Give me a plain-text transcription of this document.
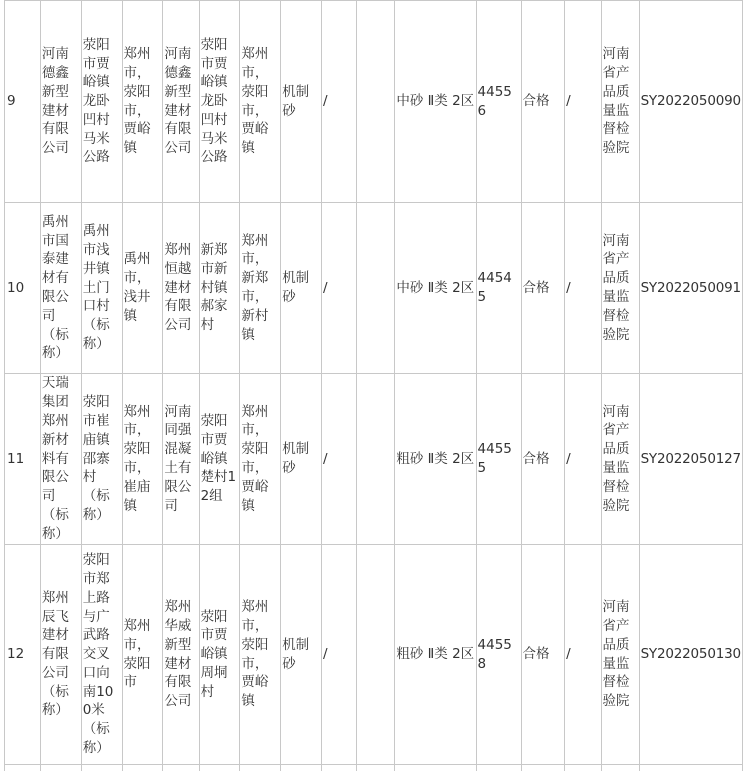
9	河南德鑫新型建材有限公司	荥阳市贾峪镇龙卧凹村马米公路	郑州市，荥阳市，贾峪镇	河南德鑫新型建材有限公司	荥阳市贾峪镇龙卧凹村马米公路	郑州市，荥阳市，贾峪镇	机制砂	/		中砂 Ⅱ类 2区	44556	合格	/	河南省产品质量监督检验院	SY2022050090
10	禹州市国泰建材有限公司（标称）	禹州市浅井镇土门口村（标称）	禹州市，浅井镇	郑州恒越建材有限公司	新郑市新村镇郝家村	郑州市，新郑市，新村镇	机制砂	/		中砂 Ⅱ类 2区	44545	合格	/	河南省产品质量监督检验院	SY2022050091
11	天瑞集团郑州新材料有限公司（标称）	荥阳市崔庙镇邵寨村（标称）	郑州市，荥阳市，崔庙镇	河南同强混凝土有限公司	荥阳市贾峪镇楚村12组	郑州市，荥阳市，贾峪镇	机制砂	/		粗砂 Ⅱ类 2区	44555	合格	/	河南省产品质量监督检验院	SY2022050127
12	郑州辰飞建材有限公司（标称）	荥阳市郑上路与广武路交叉口向南100米（标称）	郑州市，荥阳市	郑州华威新型建材有限公司	荥阳市贾峪镇周垌村	郑州市，荥阳市，贾峪镇	机制砂	/		粗砂 Ⅱ类 2区	44558	合格	/	河南省产品质量监督检验院	SY2022050130
